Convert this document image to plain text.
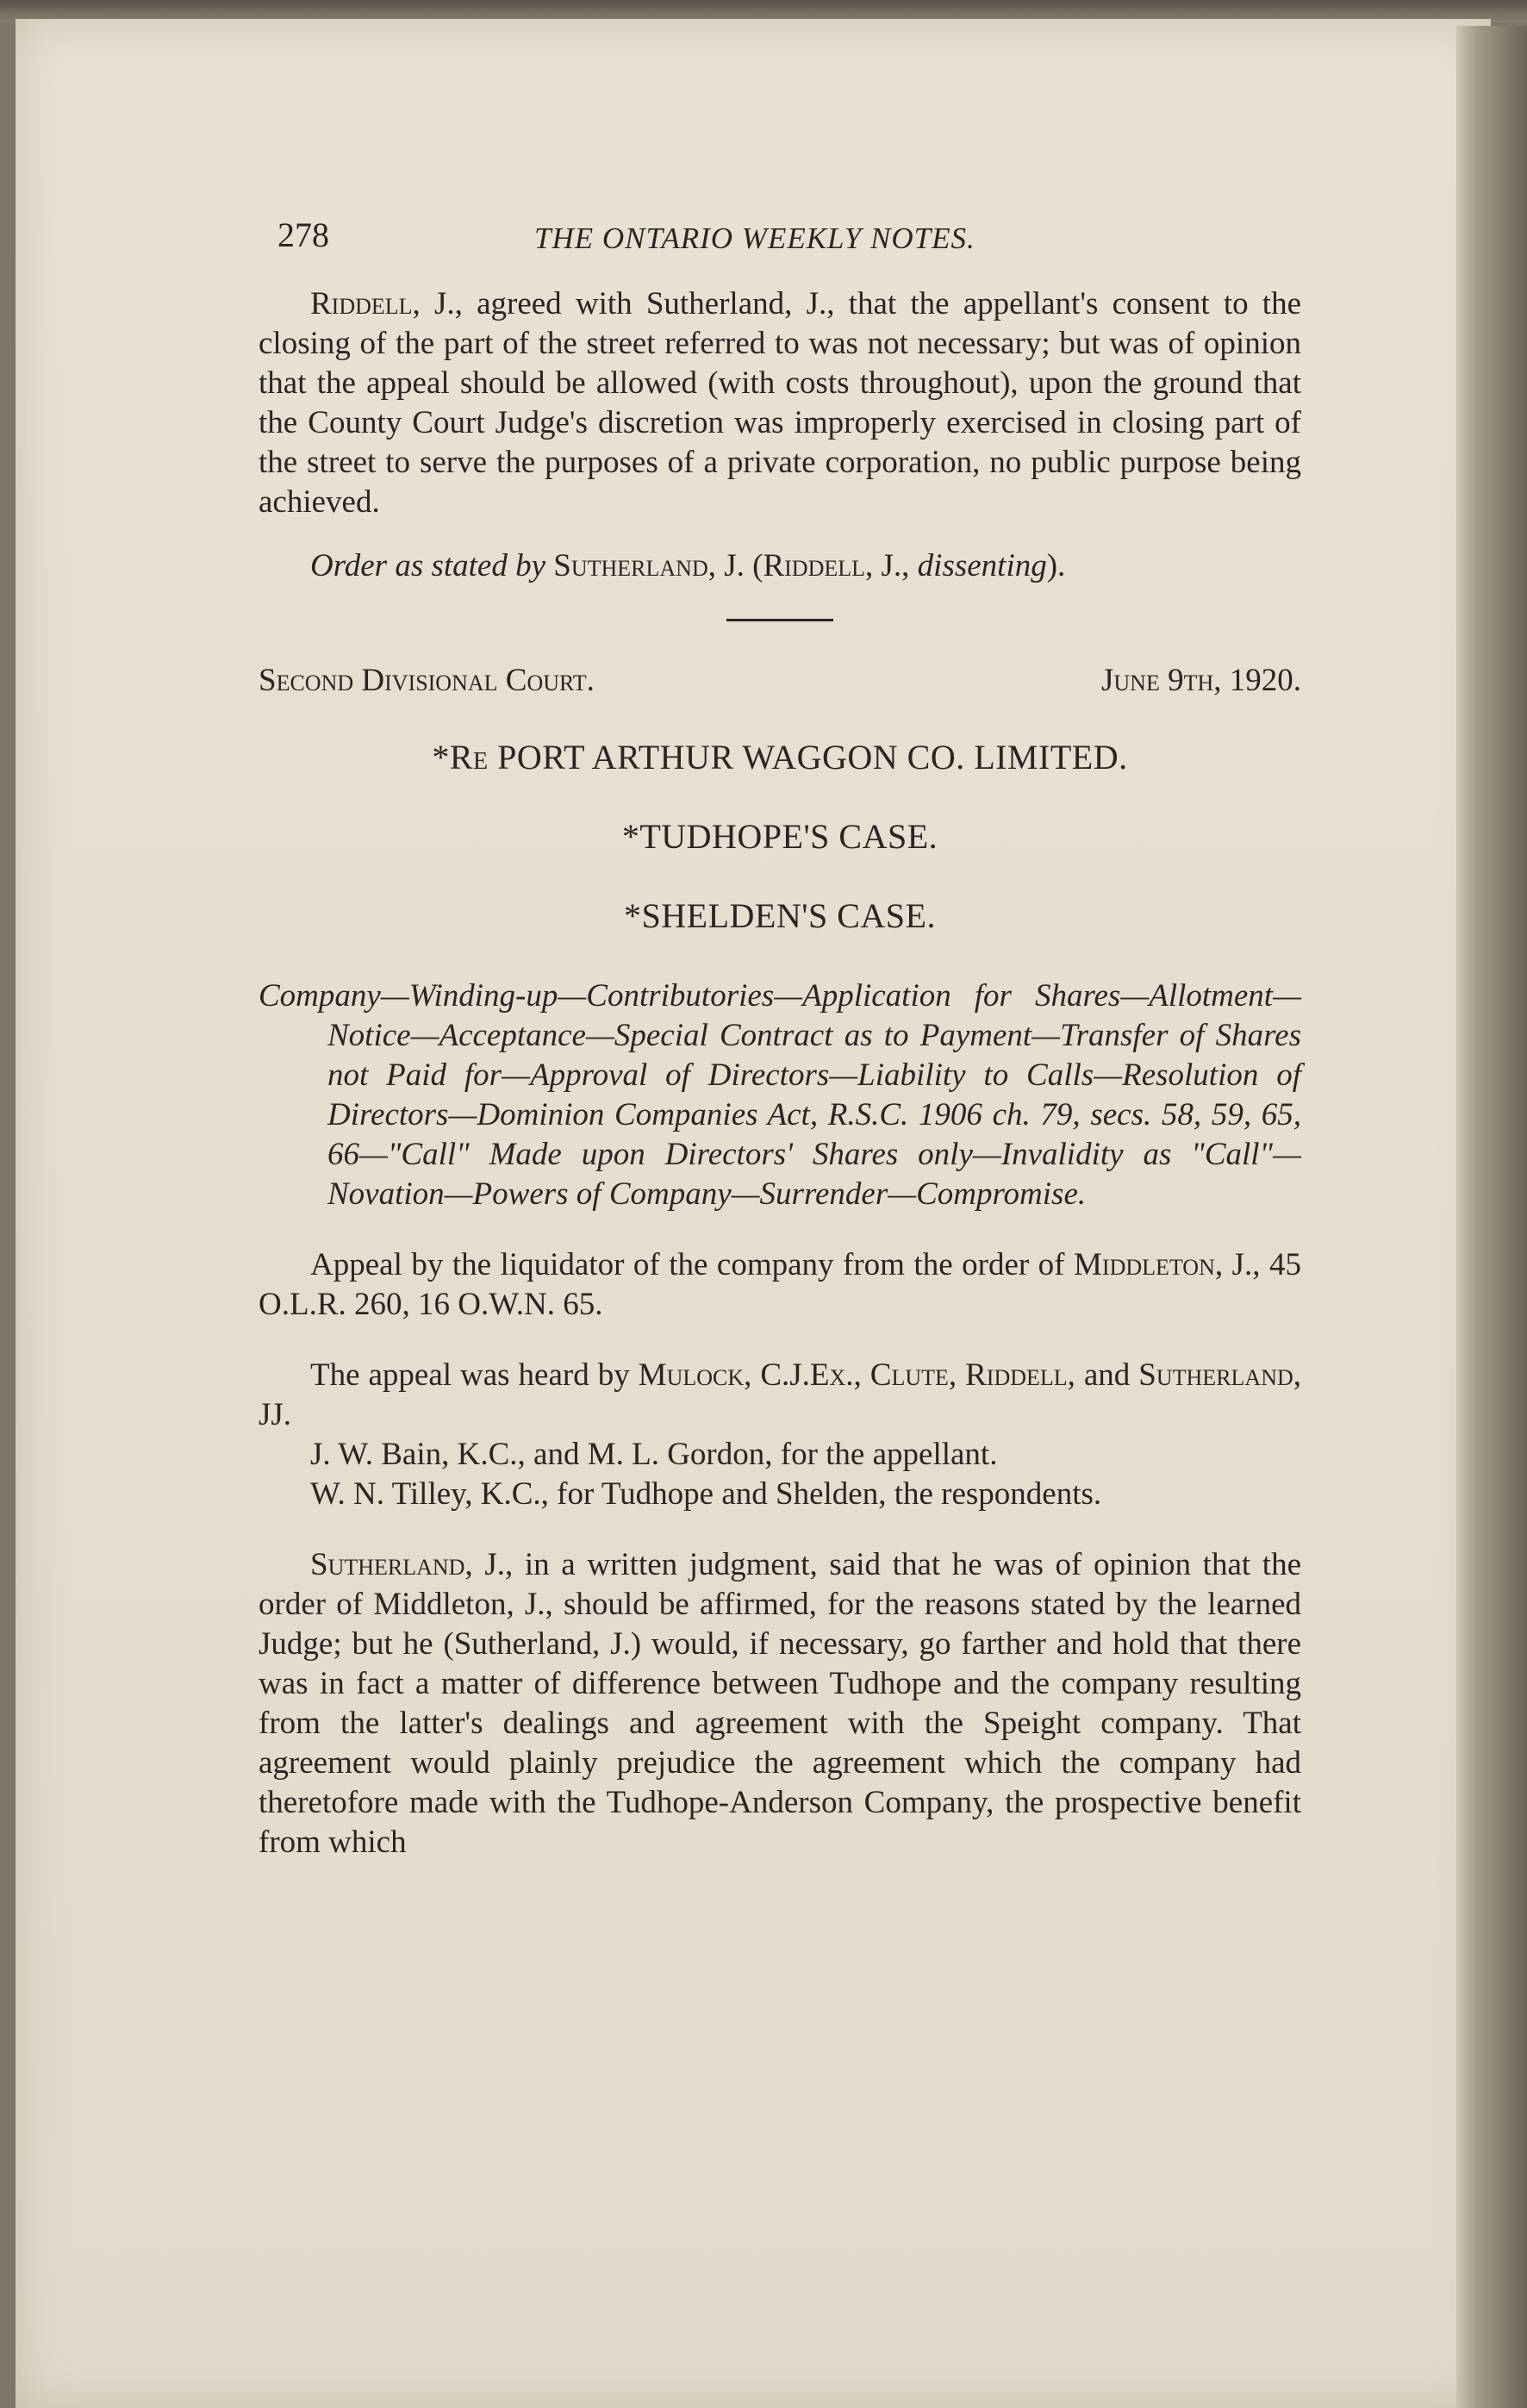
278	THE ONTARIO WEEKLY NOTES.

Riddell, J., agreed with Sutherland, J., that the appellant's consent to the closing of the part of the street referred to was not necessary; but was of opinion that the appeal should be allowed (with costs throughout), upon the ground that the County Court Judge's discretion was improperly exercised in closing part of the street to serve the purposes of a private corporation, no public purpose being achieved.

Order as stated by Sutherland, J. (Riddell, J., dissenting).

Second Divisional Court.	June 9th, 1920.
*Re PORT ARTHUR WAGGON CO. LIMITED.
*TUDHOPE'S CASE.
*SHELDEN'S CASE.

Company—Winding-up—Contributories—Application for Shares—Allotment—Notice—Acceptance—Special Contract as to Payment—Transfer of Shares not Paid for—Approval of Directors—Liability to Calls—Resolution of Directors—Dominion Companies Act, R.S.C. 1906 ch. 79, secs. 58, 59, 65, 66—"Call" Made upon Directors' Shares only—Invalidity as "Call"—Novation—Powers of Company—Surrender—Compromise.

Appeal by the liquidator of the company from the order of Middleton, J., 45 O.L.R. 260, 16 O.W.N. 65.

The appeal was heard by Mulock, C.J.Ex., Clute, Riddell, and Sutherland, JJ.

J. W. Bain, K.C., and M. L. Gordon, for the appellant.

W. N. Tilley, K.C., for Tudhope and Shelden, the respondents.

Sutherland, J., in a written judgment, said that he was of opinion that the order of Middleton, J., should be affirmed, for the reasons stated by the learned Judge; but he (Sutherland, J.) would, if necessary, go farther and hold that there was in fact a matter of difference between Tudhope and the company resulting from the latter's dealings and agreement with the Speight company. That agreement would plainly prejudice the agreement which the company had theretofore made with the Tudhope-Anderson Company, the prospective benefit from which
